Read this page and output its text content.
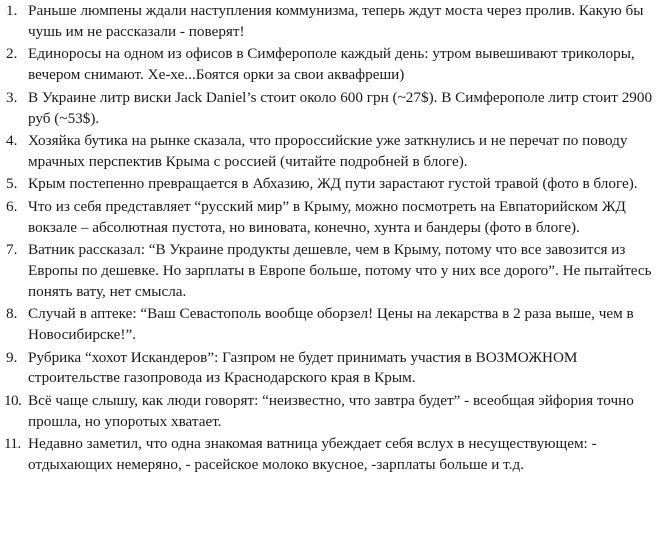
1. Раньше люмпены ждали наступления коммунизма, теперь ждут моста через пролив. Какую бы чушь им не рассказали - поверят!
2. Единоросы на одном из офисов в Симферополе каждый день: утром вывешивают триколоры, вечером снимают. Хе-хе...Боятся орки за свои аквафреши)
3. В Украине литр виски Jack Daniel’s стоит около 600 грн (~27$). В Симферополе литр стоит 2900 руб (~53$).
4. Хозяйка бутика на рынке сказала, что пророссийские уже заткнулись и не перечат по поводу мрачных перспектив Крыма с россией (читайте подробней в блоге).
5. Крым постепенно превращается в Абхазию, ЖД пути зарастают густой травой (фото в блоге).
6. Что из себя представляет “русский мир” в Крыму, можно посмотреть на Евпаторийском ЖД вокзале – абсолютная пустота, но виновата, конечно, хунта и бандеры (фото в блоге).
7. Ватник рассказал: “В Украине продукты дешевле, чем в Крыму, потому что все завозится из Европы по дешевке. Но зарплаты в Европе больше, потому что у них все дорого”. Не пытайтесь понять вату, нет смысла.
8. Случай в аптеке: “Ваш Севастополь вообще оборзел! Цены на лекарства в 2 раза выше, чем в Новосибирске!”.
9. Рубрика “хохот Искандеров”: Газпром не будет принимать участия в ВОЗМОЖНОМ строительстве газопровода из Краснодарского края в Крым.
10. Всё чаще слышу, как люди говорят: “неизвестно, что завтра будет” - всеобщая эйфория точно прошла, но упоротых хватает.
11. Недавно заметил, что одна знакомая ватница убеждает себя вслух в несуществующем: - отдыхающих немеряно, - расейское молоко вкусное, -зарплаты больше и т.д.
